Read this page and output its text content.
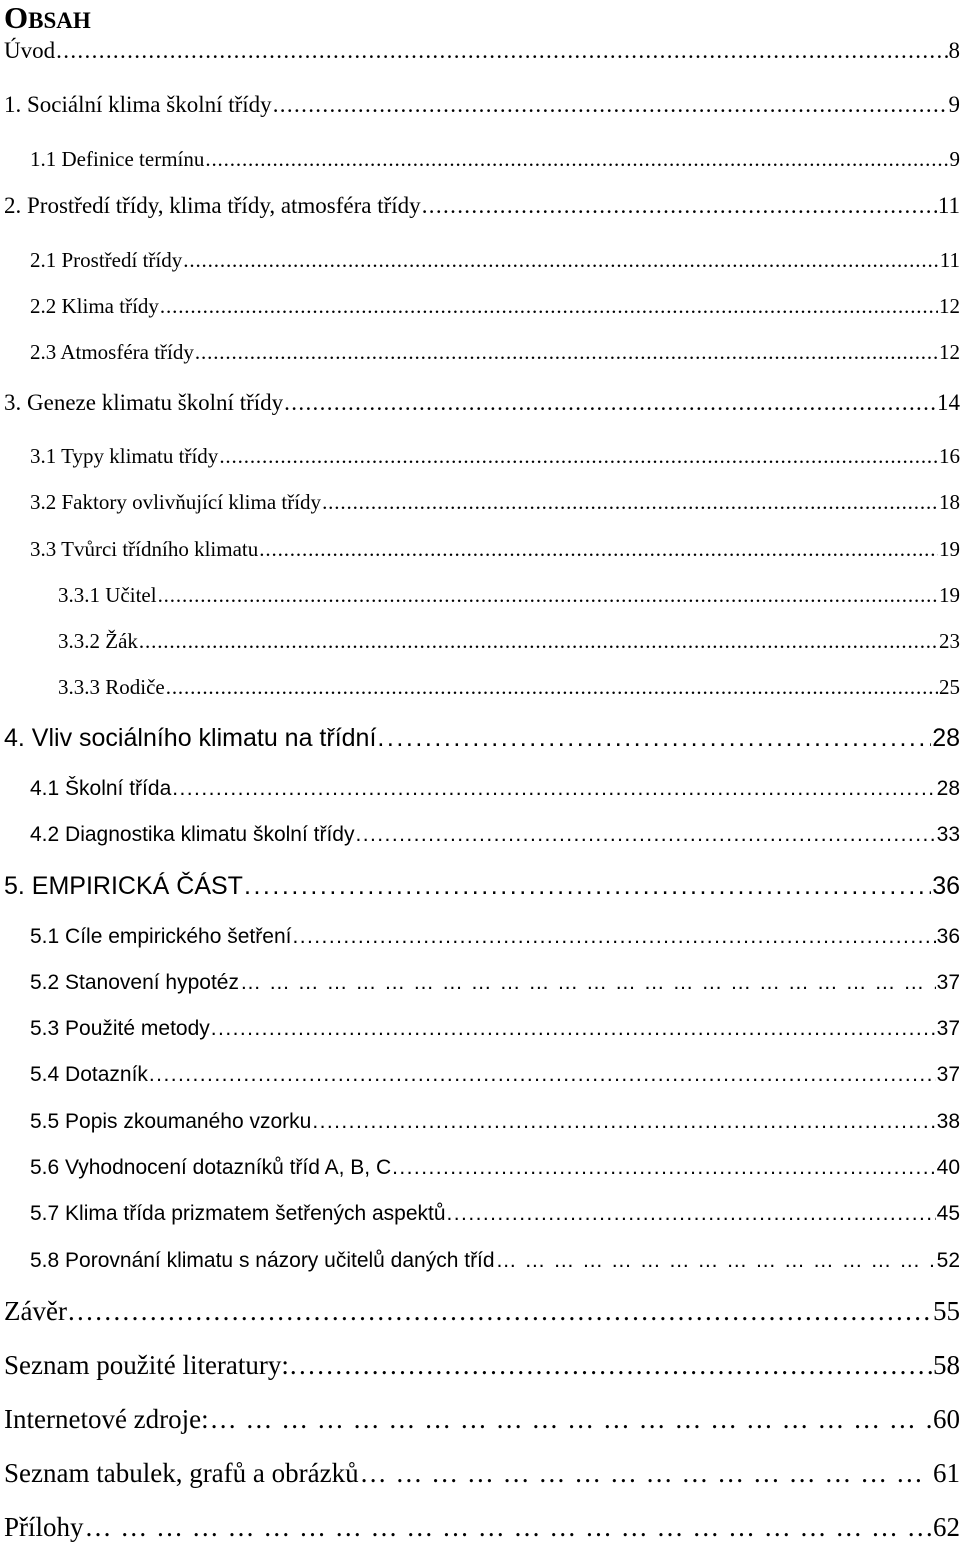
OBSAH
Úvod . . .	8
1. Sociální klima školní třídy . . .	9
1.1 Definice termínu . . .	9
2. Prostředí třídy, klima třídy, atmosféra třídy . . .	11
2.1 Prostředí třídy . . .	11
2.2 Klima třídy . . .	12
2.3 Atmosféra třídy . . .	12
3. Geneze klimatu školní třídy . . .	14
3.1 Typy klimatu třídy . . .	16
3.2 Faktory ovlivňující klima třídy . . .	18
3.3 Tvůrci třídního klimatu . . .	19
3.3.1 Učitel . . .	19
3.3.2 Žák . . .	23
3.3.3 Rodiče . . .	25
4. Vliv sociálního klimatu na třídní . . .	28
4.1 Školní třída . . .	28
4.2 Diagnostika klimatu školní třídy . . .	33
5. EMPIRICKÁ ČÁST . . .	36
5.1 Cíle empirického šetření . . .	36
5.2 Stanovení hypotéz … … … … … … … … … … … … … … … … … … … … … … … … … … … … … … … … … … … … … … … … … … … … … … … … … … … … … … … … …	37
5.3 Použité metody . . .	37
5.4 Dotazník . . .	37
5.5 Popis zkoumaného vzorku . . .	38
5.6 Vyhodnocení dotazníků tříd A, B, C . . .	40
5.7 Klima třída prizmatem šetřených aspektů . . .	45
5.8 Porovnání klimatu s názory učitelů daných tříd … … … … … … … … … … … … … … … … … … … … … … … … … … … … … … … … … … … … … … … … … … … … … … … … … … … … … … … … …	52
Závěr . . .	55
Seznam použité literatury: . . .	58
Internetové zdroje: … … … … … … … … … … … … … … … … … … … … … … … … … … … … … … … … … … … … … … … … … … … … … … … … … … … … … … … … …	60
Seznam tabulek, grafů a obrázků … … … … … … … … … … … … … … … … … … … … … … … … … … … … … … … … … … … … … … … … … … … … … … … … … … … … … … … … …	61
Přílohy … … … … … … … … … … … … … … … … … … … … … … … … … … … … … … … … … … … … … … … … … … … … … … … … … … … … … … … … …	62
